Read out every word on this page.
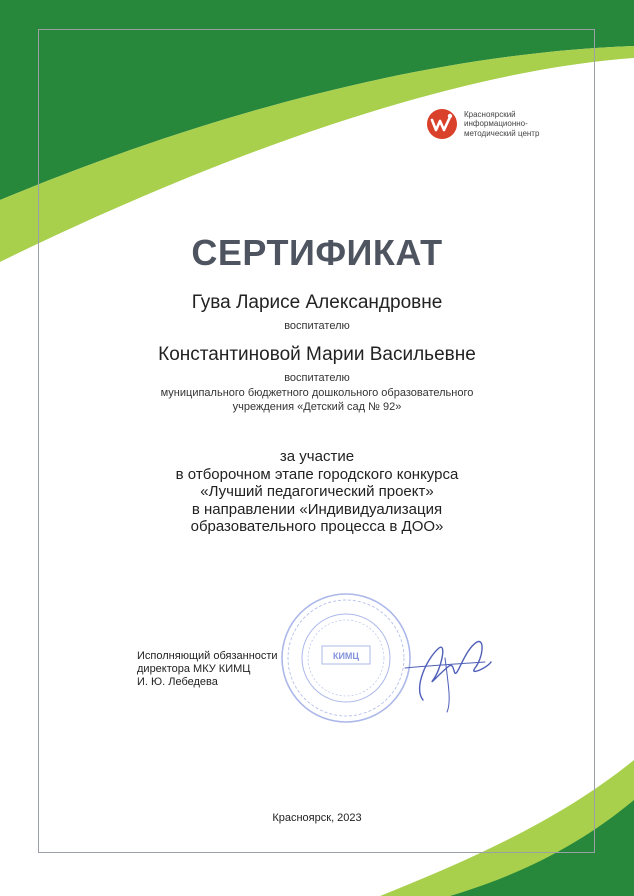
Красноярский
информационно-
методический центр
СЕРТИФИКАТ
Гува Ларисе Александровне
воспитателю
Константиновой Марии Васильевне
воспитателю
муниципального бюджетного дошкольного образовательного
учреждения «Детский сад № 92»
за участие
в отборочном этапе городского конкурса
«Лучший педагогический проект»
в направлении «Индивидуализация
образовательного процесса в ДОО»
КИМЦ
Исполняющий обязанности
директора МКУ КИМЦ
И. Ю. Лебедева
Красноярск, 2023
